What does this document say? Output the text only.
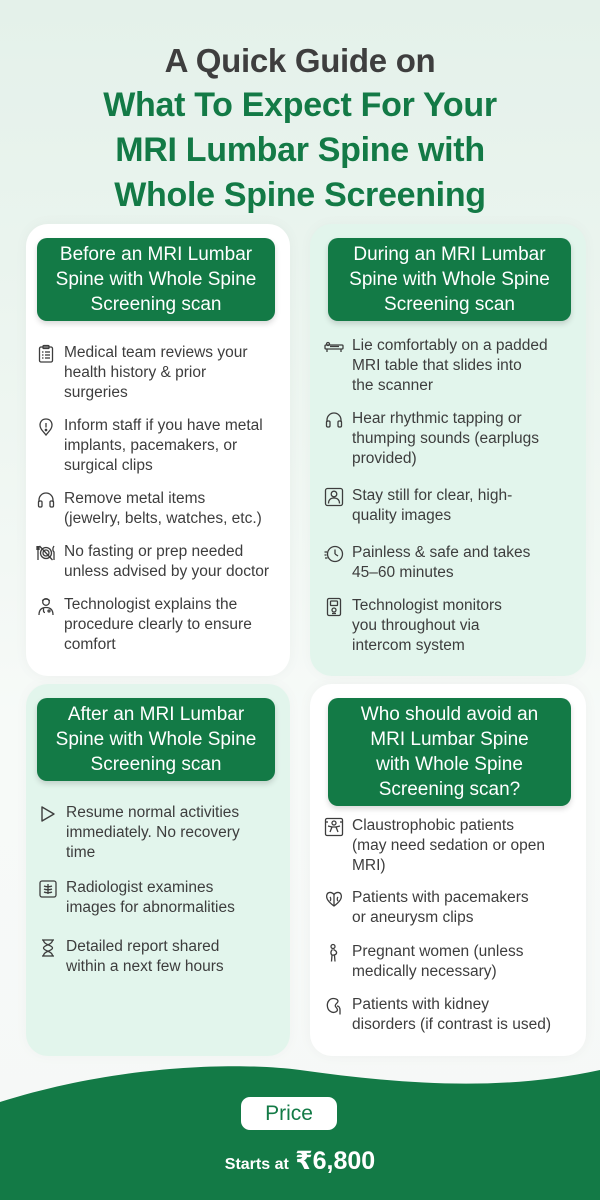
A Quick Guide on
What To Expect For Your
MRI Lumbar Spine with
Whole Spine Screening
Before an MRI Lumbar
Spine with Whole Spine
Screening scan
Medical team reviews your
health history & prior
surgeries
Inform staff if you have metal
implants, pacemakers, or
surgical clips
Remove metal items
(jewelry, belts, watches, etc.)
No fasting or prep needed
unless advised by your doctor
Technologist explains the
procedure clearly to ensure
comfort
During an MRI Lumbar
Spine with Whole Spine
Screening scan
Lie comfortably on a padded
MRI table that slides into
the scanner
Hear rhythmic tapping or
thumping sounds (earplugs
provided)
Stay still for clear, high-
quality images
Painless & safe and takes
45–60 minutes
Technologist monitors
you throughout via
intercom system
After an MRI Lumbar
Spine with Whole Spine
Screening scan
Resume normal activities
immediately. No recovery
time
Radiologist examines
images for abnormalities
Detailed report shared
within a next few hours
Who should avoid an
MRI Lumbar Spine
with Whole Spine
Screening scan?
Claustrophobic patients
(may need sedation or open
MRI)
Patients with pacemakers
or aneurysm clips
Pregnant women (unless
medically necessary)
Patients with kidney
disorders (if contrast is used)
Price
Starts at ₹6,800
